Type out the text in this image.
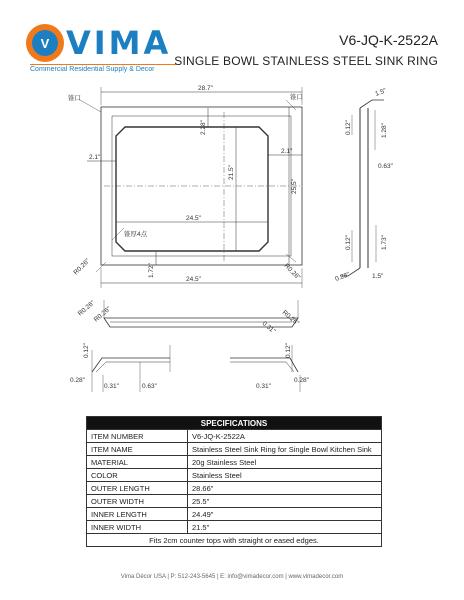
V VIMA
Commercial Residential Supply & Decor
V6-JQ-K-2522A
SINGLE BOWL STAINLESS STEEL SINK RING
28.7"
24.5"
24.5"
2.1"
2.1"
2.28"
21.5"
25.5"
1.72"
R0.26"	R0.26"
锥口	锥口
锥厚4点
0.12"
0.63"
1.28"
1.73"
0.12"
1.5"
1.5"
0.28"
R0.26"
R0.26"	R0.26"
0.31"
0.12"
0.28"
0.31"	0.63"
0.12"
0.28"
0.31"
SPECIFICATIONS	
ITEM NUMBER	V6-JQ-K-2522A
ITEM NAME	Stainless Steel Sink Ring for Single Bowl Kitchen Sink
MATERIAL	20g Stainless Steel
COLOR	Stainless Steel
OUTER LENGTH	28.66"
OUTER WIDTH	25.5"
INNER LENGTH	24.49"
INNER WIDTH	21.5"
Fits 2cm counter tops with straight or eased edges.	
Vima Décor USA | P: 512-243-5645 | E: info@vimadecor.com | www.vimadecor.com
